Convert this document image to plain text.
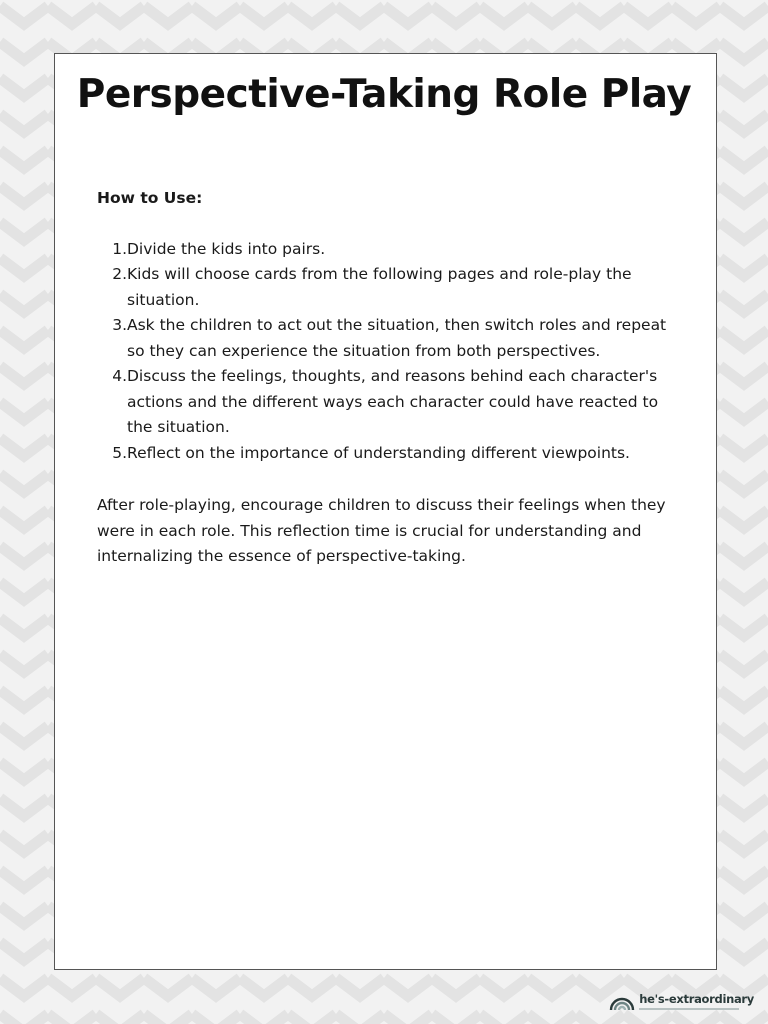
Perspective-Taking Role Play

How to Use:

1. Divide the kids into pairs.
2. Kids will choose cards from the following pages and role-play the situation.
3. Ask the children to act out the situation, then switch roles and repeat so they can experience the situation from both perspectives.
4. Discuss the feelings, thoughts, and reasons behind each character's actions and the different ways each character could have reacted to the situation.
5. Reflect on the importance of understanding different viewpoints.

After role-playing, encourage children to discuss their feelings when they were in each role. This reflection time is crucial for understanding and internalizing the essence of perspective-taking.

he's-extraordinary
